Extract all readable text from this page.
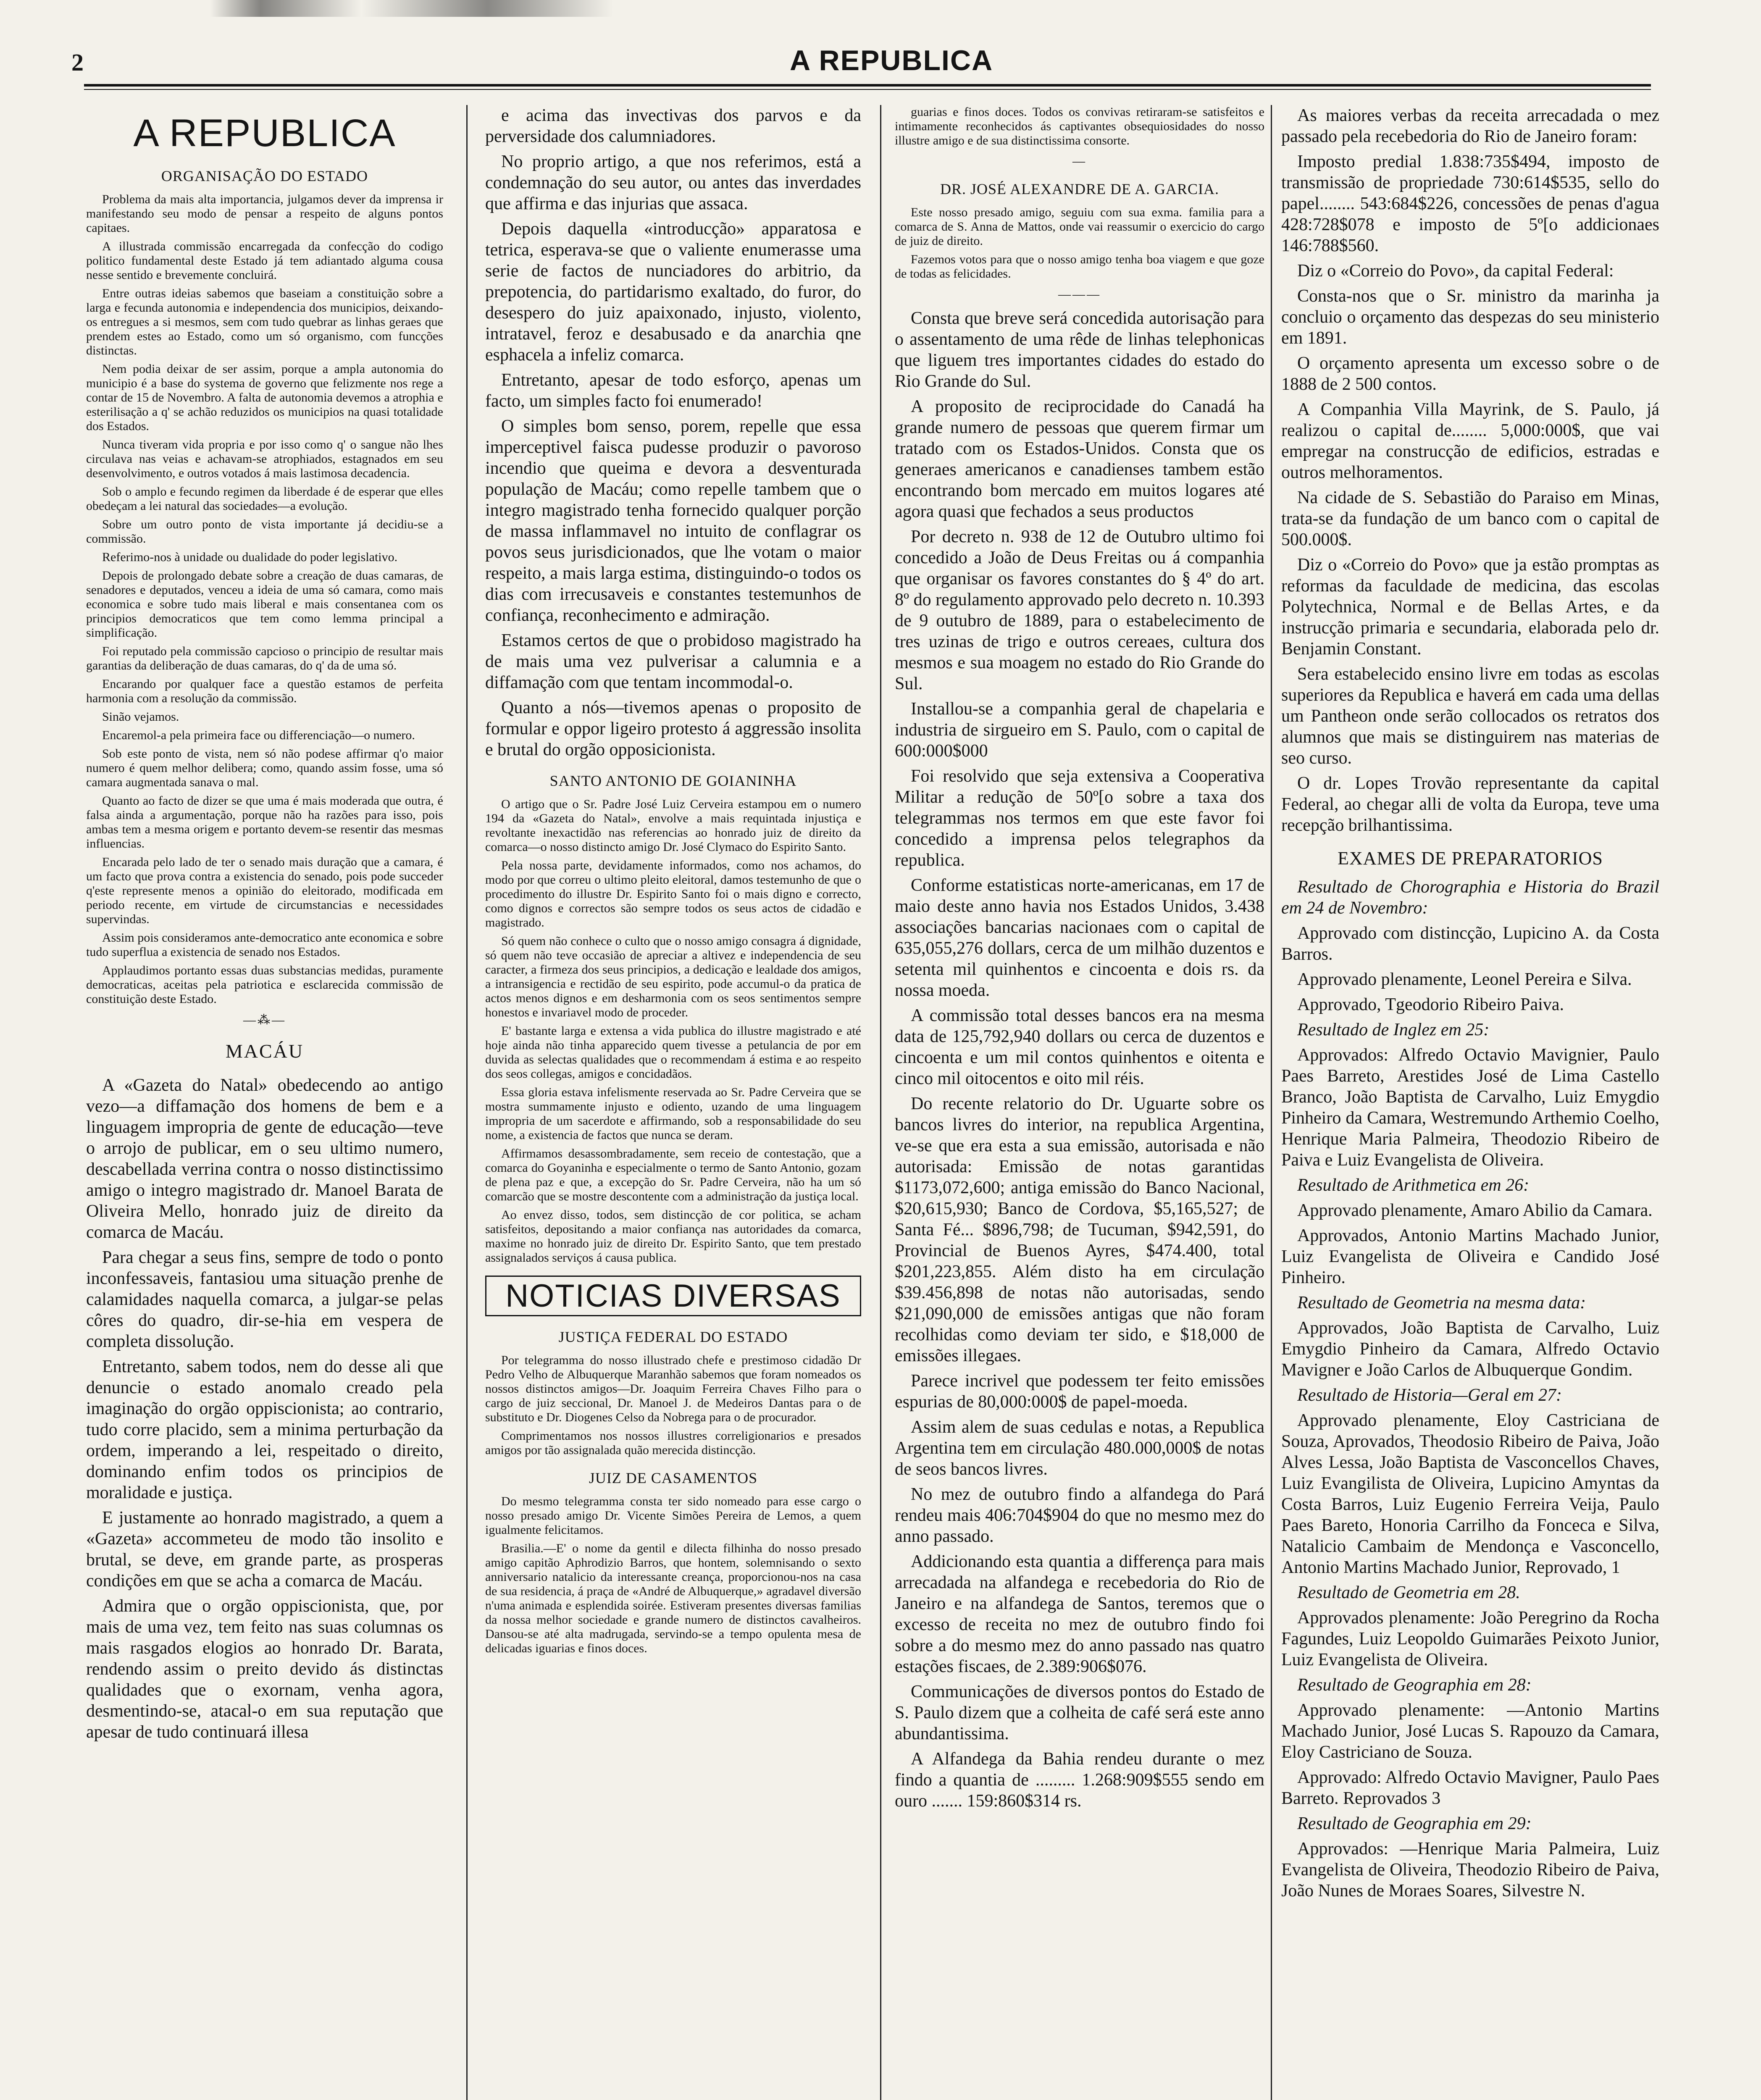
2	A REPUBLICA
A REPUBLICA
ORGANISAÇÃO DO ESTADO

Problema da mais alta importancia, julgamos dever da imprensa ir manifestando seu modo de pensar a respeito de alguns pontos capitaes.

A illustrada commissão encarregada da confecção do codigo politico fundamental deste Estado já tem adiantado alguma cousa nesse sentido e brevemente concluirá.

Entre outras ideias sabemos que baseiam a constituição sobre a larga e fecunda autonomia e independencia dos municipios, deixando-os entregues a si mesmos, sem com tudo quebrar as linhas geraes que prendem estes ao Estado, como um só organismo, com funcções distinctas.

Nem podia deixar de ser assim, porque a ampla autonomia do municipio é a base do systema de governo que felizmente nos rege a contar de 15 de Novembro. A falta de autonomia devemos a atrophia e esterilisação a q' se achão reduzidos os municipios na quasi totalidade dos Estados.

Nunca tiveram vida propria e por isso como q' o sangue não lhes circulava nas veias e achavam-se atrophiados, estagnados em seu desenvolvimento, e outros votados á mais lastimosa decadencia.

Sob o amplo e fecundo regimen da liberdade é de esperar que elles obedeçam a lei natural das sociedades—a evolução.

Sobre um outro ponto de vista importante já decidiu-se a commissão.

Referimo-nos à unidade ou dualidade do poder legislativo.

Depois de prolongado debate sobre a creação de duas camaras, de senadores e deputados, venceu a ideia de uma só camara, como mais economica e sobre tudo mais liberal e mais consentanea com os principios democraticos que tem como lemma principal a simplificação.

Foi reputado pela commissão capcioso o principio de resultar mais garantias da deliberação de duas camaras, do q' da de uma só.

Encarando por qualquer face a questão estamos de perfeita harmonia com a resolução da commissão.

Sinão vejamos.

Encaremol-a pela primeira face ou differenciação—o numero.

Sob este ponto de vista, nem só não podese affirmar q'o maior numero é quem melhor delibera; como, quando assim fosse, uma só camara augmentada sanava o mal.

Quanto ao facto de dizer se que uma é mais moderada que outra, é falsa ainda a argumentação, porque não ha razões para isso, pois ambas tem a mesma origem e portanto devem-se resentir das mesmas influencias.

Encarada pelo lado de ter o senado mais duração que a camara, é um facto que prova contra a existencia do senado, pois pode succeder q'este represente menos a opinião do eleitorado, modificada em periodo recente, em virtude de circumstancias e necessidades supervindas.

Assim pois consideramos ante-democratico ante economica e sobre tudo superflua a existencia de senado nos Estados.

Applaudimos portanto essas duas substancias medidas, puramente democraticas, aceitas pela patriotica e esclarecida commissão de constituição deste Estado.

—⁂—
MACÁU

A «Gazeta do Natal» obedecendo ao antigo vezo—a diffamação dos homens de bem e a linguagem impropria de gente de educação—teve o arrojo de publicar, em o seu ultimo numero, descabellada verrina contra o nosso distinctissimo amigo o integro magistrado dr. Manoel Barata de Oliveira Mello, honrado juiz de direito da comarca de Macáu.

Para chegar a seus fins, sempre de todo o ponto inconfessaveis, fantasiou uma situação prenhe de calamidades naquella comarca, a julgar-se pelas côres do quadro, dir-se-hia em vespera de completa dissolução.

Entretanto, sabem todos, nem do desse ali que denuncie o estado anomalo creado pela imaginação do orgão oppiscionista; ao contrario, tudo corre placido, sem a minima perturbação da ordem, imperando a lei, respeitado o direito, dominando enfim todos os principios de moralidade e justiça.

E justamente ao honrado magistrado, a quem a «Gazeta» accommeteu de modo tão insolito e brutal, se deve, em grande parte, as prosperas condições em que se acha a comarca de Macáu.

Admira que o orgão oppiscionista, que, por mais de uma vez, tem feito nas suas columnas os mais rasgados elogios ao honrado Dr. Barata, rendendo assim o preito devido ás distinctas qualidades que o exornam, venha agora, desmentindo-se, atacal-o em sua reputação que apesar de tudo continuará illesa

e acima das invectivas dos parvos e da perversidade dos calumniadores.

No proprio artigo, a que nos referimos, está a condemnação do seu autor, ou antes das inverdades que affirma e das injurias que assaca.

Depois daquella «introducção» apparatosa e tetrica, esperava-se que o valiente enumerasse uma serie de factos de nunciadores do arbitrio, da prepotencia, do partidarismo exaltado, do furor, do desespero do juiz apaixonado, injusto, violento, intratavel, feroz e desabusado e da anarchia qne esphacela a infeliz comarca.

Entretanto, apesar de todo esforço, apenas um facto, um simples facto foi enumerado!

O simples bom senso, porem, repelle que essa imperceptivel faisca pudesse produzir o pavoroso incendio que queima e devora a desventurada população de Macáu; como repelle tambem que o integro magistrado tenha fornecido qualquer porção de massa inflammavel no intuito de conflagrar os povos seus jurisdicionados, que lhe votam o maior respeito, a mais larga estima, distinguindo-o todos os dias com irrecusaveis e constantes testemunhos de confiança, reconhecimento e admiração.

Estamos certos de que o probidoso magistrado ha de mais uma vez pulverisar a calumnia e a diffamação com que tentam incommodal-o.

Quanto a nós—tivemos apenas o proposito de formular e oppor ligeiro protesto á aggressão insolita e brutal do orgão opposicionista.

SANTO ANTONIO DE GOIANINHA

O artigo que o Sr. Padre José Luiz Cerveira estampou em o numero 194 da «Gazeta do Natal», envolve a mais requintada injustiça e revoltante inexactidão nas referencias ao honrado juiz de direito da comarca—o nosso distincto amigo Dr. José Clymaco do Espirito Santo.

Pela nossa parte, devidamente informados, como nos achamos, do modo por que correu o ultimo pleito eleitoral, damos testemunho de que o procedimento do illustre Dr. Espirito Santo foi o mais digno e correcto, como dignos e correctos são sempre todos os seus actos de cidadão e magistrado.

Só quem não conhece o culto que o nosso amigo consagra á dignidade, só quem não teve occasião de apreciar a altivez e independencia de seu caracter, a firmeza dos seus principios, a dedicação e lealdade dos amigos, a intransigencia e rectidão de seu espirito, pode accumul-o da pratica de actos menos dignos e em desharmonia com os seos sentimentos sempre honestos e invariavel modo de proceder.

E' bastante larga e extensa a vida publica do illustre magistrado e até hoje ainda não tinha apparecido quem tivesse a petulancia de por em duvida as selectas qualidades que o recommendam á estima e ao respeito dos seos collegas, amigos e concidadãos.

Essa gloria estava infelismente reservada ao Sr. Padre Cerveira que se mostra summamente injusto e odiento, uzando de uma linguagem impropria de um sacerdote e affirmando, sob a responsabilidade do seu nome, a existencia de factos que nunca se deram.

Affirmamos desassombradamente, sem receio de contestação, que a comarca do Goyaninha e especialmente o termo de Santo Antonio, gozam de plena paz e que, a excepção do Sr. Padre Cerveira, não ha um só comarcão que se mostre descontente com a administração da justiça local.

Ao envez disso, todos, sem distincção de cor politica, se acham satisfeitos, depositando a maior confiança nas autoridades da comarca, maxime no honrado juiz de direito Dr. Espirito Santo, que tem prestado assignalados serviços á causa publica.

NOTICIAS DIVERSAS
JUSTIÇA FEDERAL DO ESTADO

Por telegramma do nosso illustrado chefe e prestimoso cidadão Dr Pedro Velho de Albuquerque Maranhão sabemos que foram nomeados os nossos distinctos amigos—Dr. Joaquim Ferreira Chaves Filho para o cargo de juiz seccional, Dr. Manoel J. de Medeiros Dantas para o de substituto e Dr. Diogenes Celso da Nobrega para o de procurador.

Comprimentamos nos nossos illustres correligionarios e presados amigos por tão assignalada quão merecida distincção.

JUIZ DE CASAMENTOS

Do mesmo telegramma consta ter sido nomeado para esse cargo o nosso presado amigo Dr. Vicente Simões Pereira de Lemos, a quem igualmente felicitamos.

Brasilia.—E' o nome da gentil e dilecta filhinha do nosso presado amigo capitão Aphrodizio Barros, que hontem, solemnisando o sexto anniversario natalicio da interessante creança, proporcionou-nos na casa de sua residencia, á praça de «André de Albuquerque,» agradavel diversão n'uma animada e esplendida soirée. Estiveram presentes diversas familias da nossa melhor sociedade e grande numero de distinctos cavalheiros. Dansou-se até alta madrugada, servindo-se a tempo opulenta mesa de delicadas iguarias e finos doces.

guarias e finos doces. Todos os convivas retiraram-se satisfeitos e intimamente reconhecidos ás captivantes obsequiosidades do nosso illustre amigo e de sua distinctissima consorte.

—
DR. JOSÉ ALEXANDRE DE A. GARCIA.

Este nosso presado amigo, seguiu com sua exma. familia para a comarca de S. Anna de Mattos, onde vai reassumir o exercicio do cargo de juiz de direito.

Fazemos votos para que o nosso amigo tenha boa viagem e que goze de todas as felicidades.

———

Consta que breve será concedida autorisação para o assentamento de uma rêde de linhas telephonicas que liguem tres importantes cidades do estado do Rio Grande do Sul.

A proposito de reciprocidade do Canadá ha grande numero de pessoas que querem firmar um tratado com os Estados-Unidos. Consta que os generaes americanos e canadienses tambem estão encontrando bom mercado em muitos logares até agora quasi que fechados a seus productos

Por decreto n. 938 de 12 de Outubro ultimo foi concedido a João de Deus Freitas ou á companhia que organisar os favores constantes do § 4º do art. 8º do regulamento approvado pelo decreto n. 10.393 de 9 outubro de 1889, para o estabelecimento de tres uzinas de trigo e outros cereaes, cultura dos mesmos e sua moagem no estado do Rio Grande do Sul.

Installou-se a companhia geral de chapelaria e industria de sirgueiro em S. Paulo, com o capital de 600:000$000

Foi resolvido que seja extensiva a Cooperativa Militar a redução de 50º[o sobre a taxa dos telegrammas nos termos em que este favor foi concedido a imprensa pelos telegraphos da republica.

Conforme estatisticas norte-americanas, em 17 de maio deste anno havia nos Estados Unidos, 3.438 associações bancarias nacionaes com o capital de 635,055,276 dollars, cerca de um milhão duzentos e setenta mil quinhentos e cincoenta e dois rs. da nossa moeda.

A commissão total desses bancos era na mesma data de 125,792,940 dollars ou cerca de duzentos e cincoenta e um mil contos quinhentos e oitenta e cinco mil oitocentos e oito mil réis.

Do recente relatorio do Dr. Uguarte sobre os bancos livres do interior, na republica Argentina, ve-se que era esta a sua emissão, autorisada e não autorisada: Emissão de notas garantidas $1173,072,600; antiga emissão do Banco Nacional, $20,615,930; Banco de Cordova, $5,165,527; de Santa Fé... $896,798; de Tucuman, $942,591, do Provincial de Buenos Ayres, $474.400, total $201,223,855. Além disto ha em circulação $39.456,898 de notas não autorisadas, sendo $21,090,000 de emissões antigas que não foram recolhidas como deviam ter sido, e $18,000 de emissões illegaes.

Parece incrivel que podessem ter feito emissões espurias de 80,000:000$ de papel-moeda.

Assim alem de suas cedulas e notas, a Republica Argentina tem em circulação 480.000,000$ de notas de seos bancos livres.

No mez de outubro findo a alfandega do Pará rendeu mais 406:704$904 do que no mesmo mez do anno passado.

Addicionando esta quantia a differença para mais arrecadada na alfandega e recebedoria do Rio de Janeiro e na alfandega de Santos, teremos que o excesso de receita no mez de outubro findo foi sobre a do mesmo mez do anno passado nas quatro estações fiscaes, de 2.389:906$076.

Communicações de diversos pontos do Estado de S. Paulo dizem que a colheita de café será este anno abundantissima.

A Alfandega da Bahia rendeu durante o mez findo a quantia de ......... 1.268:909$555 sendo em ouro ....... 159:860$314 rs.

As maiores verbas da receita arrecadada o mez passado pela recebedoria do Rio de Janeiro foram:

Imposto predial 1.838:735$494, imposto de transmissão de propriedade 730:614$535, sello do papel........ 543:684$226, concessões de penas d'agua 428:728$078 e imposto de 5º[o addicionaes 146:788$560.

Diz o «Correio do Povo», da capital Federal:

Consta-nos que o Sr. ministro da marinha ja concluio o orçamento das despezas do seu ministerio em 1891.

O orçamento apresenta um excesso sobre o de 1888 de 2 500 contos.

A Companhia Villa Mayrink, de S. Paulo, já realizou o capital de........ 5,000:000$, que vai empregar na construcção de edificios, estradas e outros melhoramentos.

Na cidade de S. Sebastião do Paraiso em Minas, trata-se da fundação de um banco com o capital de 500.000$.

Diz o «Correio do Povo» que ja estão promptas as reformas da faculdade de medicina, das escolas Polytechnica, Normal e de Bellas Artes, e da instrucção primaria e secundaria, elaborada pelo dr. Benjamin Constant.

Sera estabelecido ensino livre em todas as escolas superiores da Republica e haverá em cada uma dellas um Pantheon onde serão collocados os retratos dos alumnos que mais se distinguirem nas materias de seo curso.

O dr. Lopes Trovão representante da capital Federal, ao chegar alli de volta da Europa, teve uma recepção brilhantissima.

EXAMES DE PREPARATORIOS

Resultado de Chorographia e Historia do Brazil em 24 de Novembro:

Approvado com distincção, Lupicino A. da Costa Barros.

Approvado plenamente, Leonel Pereira e Silva.

Approvado, Tgeodorio Ribeiro Paiva.

Resultado de Inglez em 25:

Approvados: Alfredo Octavio Mavignier, Paulo Paes Barreto, Arestides José de Lima Castello Branco, João Baptista de Carvalho, Luiz Emygdio Pinheiro da Camara, Westremundo Arthemio Coelho, Henrique Maria Palmeira, Theodozio Ribeiro de Paiva e Luiz Evangelista de Oliveira.

Resultado de Arithmetica em 26:

Approvado plenamente, Amaro Abilio da Camara.

Approvados, Antonio Martins Machado Junior, Luiz Evangelista de Oliveira e Candido José Pinheiro.

Resultado de Geometria na mesma data:

Approvados, João Baptista de Carvalho, Luiz Emygdio Pinheiro da Camara, Alfredo Octavio Mavigner e João Carlos de Albuquerque Gondim.

Resultado de Historia—Geral em 27:

Approvado plenamente, Eloy Castriciana de Souza, Aprovados, Theodosio Ribeiro de Paiva, João Alves Lessa, João Baptista de Vasconcellos Chaves, Luiz Evangilista de Oliveira, Lupicino Amyntas da Costa Barros, Luiz Eugenio Ferreira Veija, Paulo Paes Bareto, Honoria Carrilho da Fonceca e Silva, Natalicio Cambaim de Mendonça e Vasconcello, Antonio Martins Machado Junior, Reprovado, 1

Resultado de Geometria em 28.

Approvados plenamente: João Peregrino da Rocha Fagundes, Luiz Leopoldo Guimarães Peixoto Junior, Luiz Evangelista de Oliveira.

Resultado de Geographia em 28:

Approvado plenamente: —Antonio Martins Machado Junior, José Lucas S. Rapouzo da Camara, Eloy Castriciano de Souza.

Approvado: Alfredo Octavio Mavigner, Paulo Paes Barreto. Reprovados 3

Resultado de Geographia em 29:

Approvados: —Henrique Maria Palmeira, Luiz Evangelista de Oliveira, Theodozio Ribeiro de Paiva, João Nunes de Moraes Soares, Silvestre N.
